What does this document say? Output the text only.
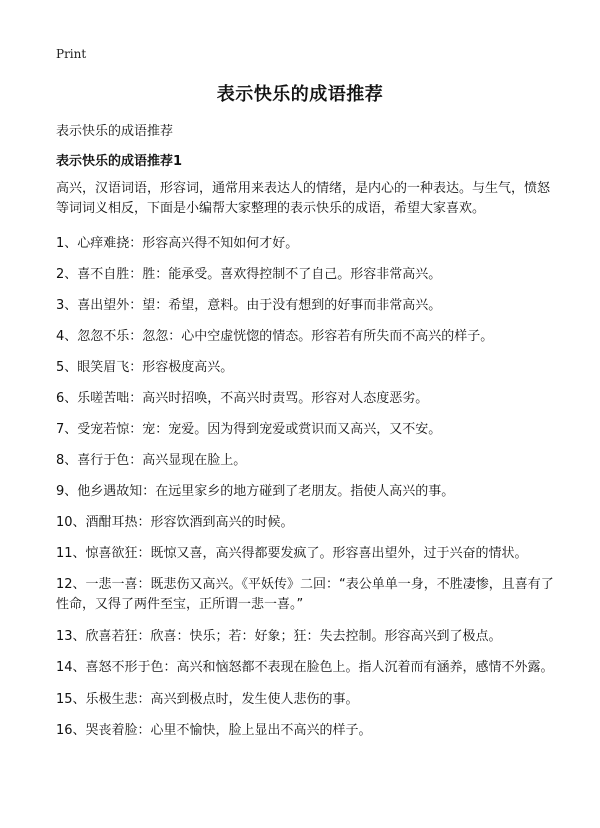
Print
表示快乐的成语推荐
表示快乐的成语推荐
表示快乐的成语推荐1

高兴，汉语词语，形容词，通常用来表达人的情绪，是内心的一种表达。与生气，愤怒等词词义相反，下面是小编帮大家整理的表示快乐的成语，希望大家喜欢。

1、心痒难挠：形容高兴得不知如何才好。
2、喜不自胜：胜：能承受。喜欢得控制不了自己。形容非常高兴。
3、喜出望外：望：希望，意料。由于没有想到的好事而非常高兴。
4、忽忽不乐：忽忽：心中空虚恍惚的情态。形容若有所失而不高兴的样子。
5、眼笑眉飞：形容极度高兴。
6、乐嗟苦咄：高兴时招唤，不高兴时责骂。形容对人态度恶劣。
7、受宠若惊：宠：宠爱。因为得到宠爱或赏识而又高兴，又不安。
8、喜行于色：高兴显现在脸上。
9、他乡遇故知：在远里家乡的地方碰到了老朋友。指使人高兴的事。
10、酒酣耳热：形容饮酒到高兴的时候。
11、惊喜欲狂：既惊又喜，高兴得都要发疯了。形容喜出望外，过于兴奋的情状。
12、一悲一喜：既悲伤又高兴。《平妖传》二回：“表公单单一身，不胜凄惨，且喜有了性命，又得了两件至宝，正所谓一悲一喜。”
13、欣喜若狂：欣喜：快乐；若：好象；狂：失去控制。形容高兴到了极点。
14、喜怒不形于色：高兴和恼怒都不表现在脸色上。指人沉着而有涵养，感情不外露。
15、乐极生悲：高兴到极点时，发生使人悲伤的事。
16、哭丧着脸：心里不愉快，脸上显出不高兴的样子。
